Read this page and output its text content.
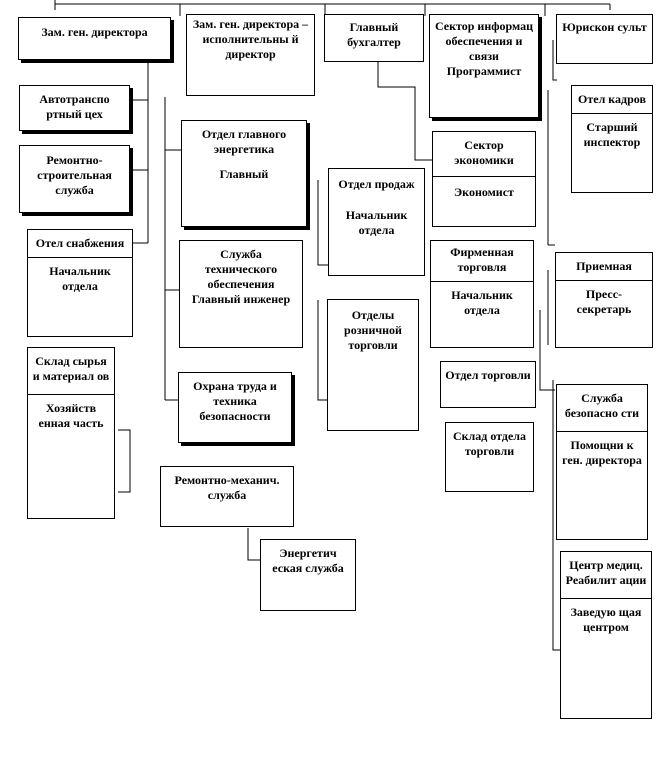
Зам. ген. директора
Зам. ген. директора – исполнительны й директор
Главный бухгалтер
Сектор информац обеспечения и связи Программист
Юрискон сульт
Автотранспо ртный цех
Отел кадров
Старший инспектор
Отдел главного энергетика
Главный
Сектор экономики
Экономист
Ремонтно-строительная служба	Отдел продаж
Начальник отдела
Отел снабжения
Начальник отдела
Служба технического обеспечения Главный инженер
Фирменная торговля
Начальник отдела
Приемная
Пресс-секретарь
Отделы розничной торговли
Склад сырья и материал ов
Хозяйств енная часть
Отдел торговли
Охрана труда и техника безопасности
Служба безопасно сти
Помощни к ген. директора
Склад отдела торговли
Ремонтно-механич. служба
Энергетич еская служба	Центр медиц. Реабилит ации
Заведую щая центром
